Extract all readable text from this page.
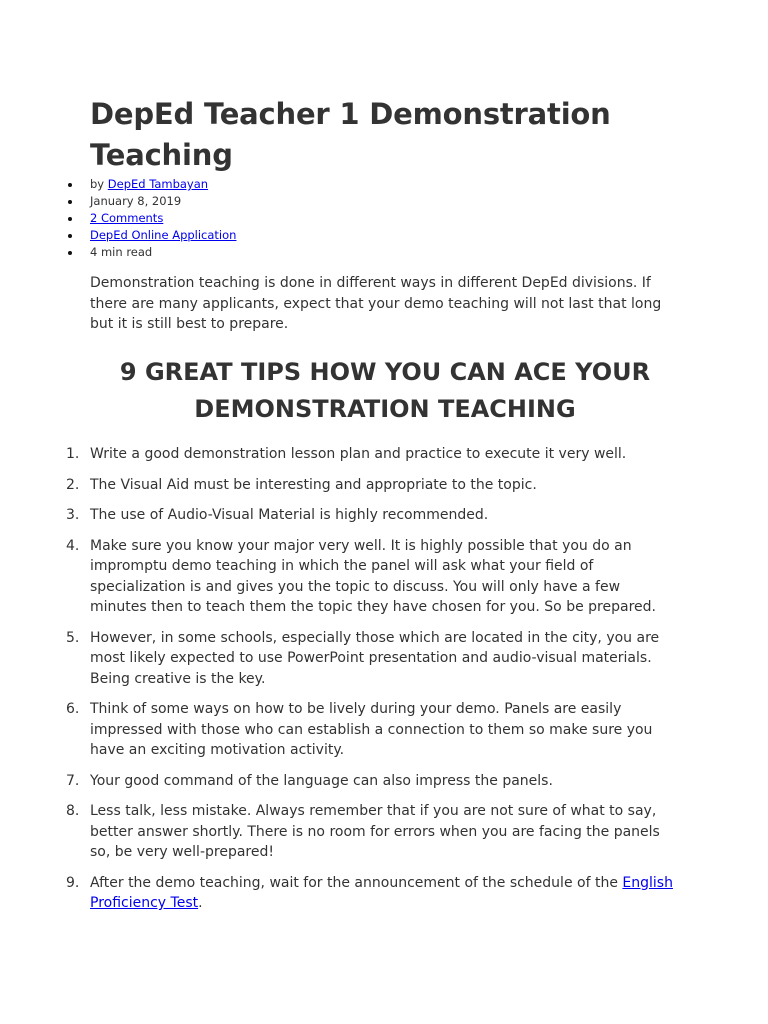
DepEd Teacher 1 Demonstration Teaching
by DepEd Tambayan
January 8, 2019
2 Comments
DepEd Online Application
4 min read

Demonstration teaching is done in different ways in different DepEd divisions. If there are many applicants, expect that your demo teaching will not last that long but it is still best to prepare.

9 GREAT TIPS HOW YOU CAN ACE YOUR DEMONSTRATION TEACHING
1. Write a good demonstration lesson plan and practice to execute it very well.
2. The Visual Aid must be interesting and appropriate to the topic.
3. The use of Audio-Visual Material is highly recommended.
4. Make sure you know your major very well. It is highly possible that you do an impromptu demo teaching in which the panel will ask what your field of specialization is and gives you the topic to discuss. You will only have a few minutes then to teach them the topic they have chosen for you. So be prepared.
5. However, in some schools, especially those which are located in the city, you are most likely expected to use PowerPoint presentation and audio-visual materials. Being creative is the key.
6. Think of some ways on how to be lively during your demo. Panels are easily impressed with those who can establish a connection to them so make sure you have an exciting motivation activity.
7. Your good command of the language can also impress the panels.
8. Less talk, less mistake. Always remember that if you are not sure of what to say, better answer shortly. There is no room for errors when you are facing the panels so, be very well-prepared!
9. After the demo teaching, wait for the announcement of the schedule of the English Proficiency Test.
